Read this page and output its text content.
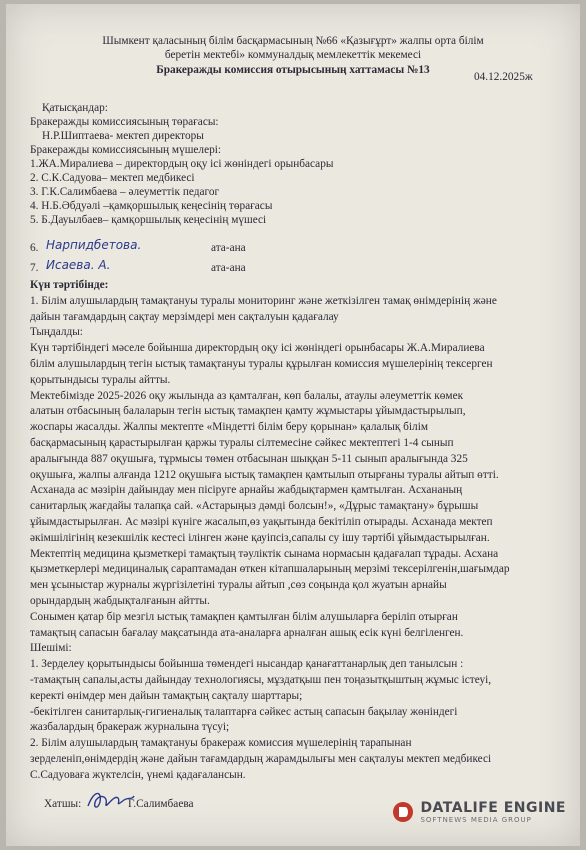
Шымкент қаласының білім басқармасының №66 «Қазығұрт» жалпы орта білім
беретін мектебі» коммуналдық мемлекеттік мекемесі
Бракеражды комиссия отырысының хаттамасы №13
04.12.2025ж
Қатысқандар:
Бракеражды комиссиясының төрағасы:
Н.Р.Шиптаева- мектеп директоры
Бракеражды комиссиясының мүшелері:
1.ЖА.Миралиева – директордың оқу ісі жөніндегі орынбасары
2. С.К.Садуова– мектеп медбикесі
3. Г.К.Салимбаева – әлеуметтік педагог
4. Н.Б.Әбдуәлі –қамқоршылық кеңесінің төрағасы
5. Б.Дауылбаев– қамқоршылық кеңесінің мүшесі
6. Нарпидбетова.	ата-ана
7. Исаева. А.	ата-ана
Күн тәртібінде:
1. Білім алушылардың тамақтануы туралы мониторинг және жеткізілген тамақ өнімдерінің және
дайын тағамдардың сақтау мерзімдері мен сақталуын қадағалау
Тыңдалды:
Күн тәртібіндегі мәселе бойынша директордың оқу ісі жөніндегі орынбасары Ж.А.Миралиева
білім алушылардың тегін ыстық тамақтануы туралы құрылған комиссия мүшелерінің тексерген
қорытындысы туралы айтты.
Мектебімізде 2025-2026 оқу жылында аз қамталған, көп балалы, атаулы әлеуметтік көмек
алатын отбасының балаларын тегін ыстық тамақпен қамту жұмыстары ұйымдастырылып,
жоспары жасалды. Жалпы мектепте «Міндетті білім беру қорынан» қалалық білім
басқармасының қарастырылған қаржы туралы сілтемесіне сәйкес мектептегі 1-4 сынып
аралығында 887 оқушыға, тұрмысы төмен отбасынан шыққан 5-11 сынып аралығында 325
оқушыға, жалпы алғанда 1212 оқушыға ыстық тамақпен қамтылып отырғаны туралы айтып өтті.
Асханада ас мәзірін дайындау мен пісіруге арнайы жабдықтармен қамтылған. Асхананың
санитарлық жағдайы талапқа сай. «Астарыңыз дәмді болсын!», «Дұрыс тамақтану» бұрышы
ұйымдастырылған. Ас мәзірі күніге жасалып,өз уақытында бекітіліп отырады. Асханада мектеп
әкімшілігінің кезекшілік кестесі ілінген және қауіпсіз,сапалы су ішу тәртібі ұйымдастырылған.
Мектептің медицина қызметкері тамақтың тәуліктік сынама нормасын қадағалап тұрады. Асхана
қызметкерлері медициналық сараптамадан өткен кітапшаларының мерзімі тексерілгенін,шағымдар
мен ұсыныстар журналы жүргізілетіні туралы айтып ,сөз соңында қол жуатын арнайы
орындардың жабдықталғанын айтты.
Сонымен қатар бір мезгіл ыстық тамақпен қамтылған білім алушыларға беріліп отырған
тамақтың сапасын бағалау мақсатында ата-аналарға арналған ашық есік күні белгіленген.
Шешімі:
1. Зерделеу қорытындысы бойынша төмендегі нысандар қанағаттанарлық деп танылсын :
-тамақтың сапалы,асты дайындау технологиясы, мұздатқыш пен тоңазытқыштың жұмыс істеуі,
керекті өнімдер мен дайын тамақтың сақталу шарттары;
-бекітілген санитарлық-гигиеналық талаптарға сәйкес астың сапасын бақылау жөніндегі
жазбалардың бракераж журналына түсуі;
2. Білім алушылардың тамақтануы бракераж комиссия мүшелерінің тарапынан
зерделеніп,өнімдердің және дайын тағамдардың жарамдылығы мен сақталуы мектеп медбикесі
С.Садуоваға жүктелсін, үнемі қадағалансын.
Хатшы:	Г.Салимбаева	DATALIFE ENGINE
SOFTNEWS MEDIA GROUP
